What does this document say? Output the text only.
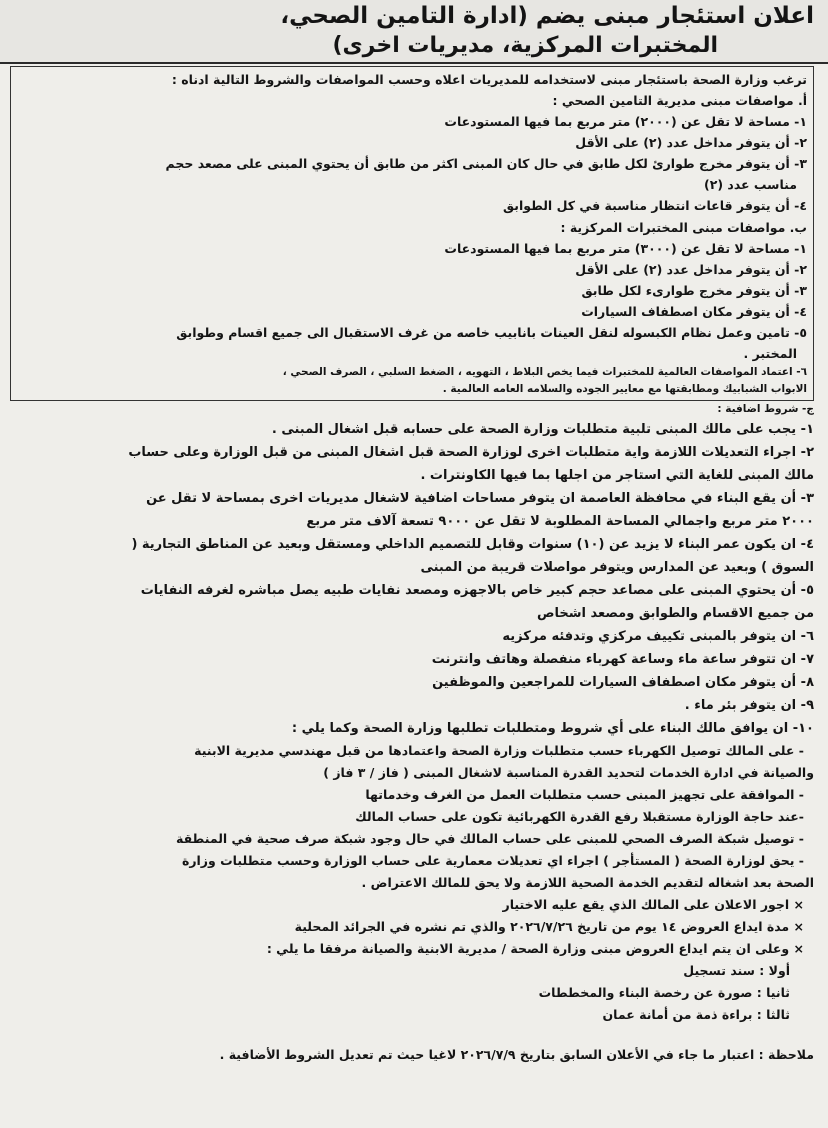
اعلان استئجار مبنى يضم (ادارة التامين الصحي،
المختبرات المركزية، مديريات اخرى)
ترغب وزارة الصحة باستئجار مبنى لاستخدامه للمديريات اعلاه وحسب المواصفات والشروط التالية ادناه :
أ. مواصفات مبنى مديرية التامين الصحي :
١- مساحة لا تقل عن (٢٠٠٠) متر مربع بما فيها المستودعات
٢- أن يتوفر مداخل عدد (٢) على الأقل
٣- أن يتوفر مخرج طوارئ لكل طابق في حال كان المبنى اكثر من طابق أن يحتوي المبنى على مصعد حجم
مناسب عدد (٢)
٤- أن يتوفر قاعات انتظار مناسبة في كل الطوابق
ب. مواصفات مبنى المختبرات المركزية :
١- مساحة لا تقل عن (٣٠٠٠) متر مربع بما فيها المستودعات
٢- أن يتوفر مداخل عدد (٢) على الأقل
٣- أن يتوفر مخرج طوارىء لكل طابق
٤- أن يتوفر مكان اصطفاف السيارات
٥- تامين وعمل نظام الكبسوله لنقل العينات بانابيب خاصه من غرف الاستقبال الى جميع اقسام وطوابق
المختبر .
٦- اعتماد المواصفات العالمية للمختبرات فيما يخص البلاط ، التهويه ، الضغط السلبي ، الصرف الصحي ،
الابواب الشبابيك ومطابقتها مع معايير الجوده والسلامه العامه العالمية .
ج- شروط اضافية :
١- يجب على مالك المبنى تلبية متطلبات وزارة الصحة على حسابه قبل اشغال المبنى .
٢- اجراء التعديلات اللازمة واية متطلبات اخرى لوزارة الصحة قبل اشغال المبنى من قبل الوزارة وعلى حساب
مالك المبنى للغاية التي استاجر من اجلها بما فيها الكاونترات .
٣- أن يقع البناء في محافظة العاصمة ان يتوفر مساحات اضافية لاشغال مديريات اخرى بمساحة لا تقل عن
٢٠٠٠ متر مربع واجمالي المساحة المطلوبة لا تقل عن ٩٠٠٠ تسعة آلاف متر مربع
٤- ان يكون عمر البناء لا يزيد عن (١٠) سنوات وقابل للتصميم الداخلي ومستقل وبعيد عن المناطق التجارية (
السوق ) وبعيد عن المدارس ويتوفر مواصلات قريبة من المبنى
٥- أن يحتوي المبنى على مصاعد حجم كبير خاص بالاجهزه ومصعد نفايات طبيه يصل مباشره لغرفه النفايات
من جميع الاقسام والطوابق ومصعد اشخاص
٦- ان يتوفر بالمبنى تكييف مركزي وتدفئه مركزيه
٧- ان تتوفر ساعة ماء وساعة كهرباء منفصلة وهاتف وانترنت
٨- أن يتوفر مكان اصطفاف السيارات للمراجعين والموظفين
٩- ان يتوفر بئر ماء .
١٠- ان يوافق مالك البناء على أي شروط ومتطلبات تطلبها وزارة الصحة وكما يلي :
- على المالك توصيل الكهرباء حسب متطلبات وزارة الصحة واعتمادها من قبل مهندسي مديرية الابنية
والصيانة في ادارة الخدمات لتحديد القدرة المناسبة لاشغال المبنى ( فاز / ٣ فاز )
- الموافقة على تجهيز المبنى حسب متطلبات العمل من الغرف وخدماتها
-عند حاجة الوزارة مستقبلا رفع القدرة الكهربائية تكون على حساب المالك
- توصيل شبكة الصرف الصحي للمبنى على حساب المالك في حال وجود شبكة صرف صحية في المنطقة
- يحق لوزارة الصحة ( المستأجر ) اجراء اي تعديلات معمارية على حساب الوزارة وحسب متطلبات وزارة
الصحة بعد اشغاله لتقديم الخدمة الصحية اللازمة ولا يحق للمالك الاعتراض .
× اجور الاعلان على المالك الذي يقع عليه الاختيار
× مدة ايداع العروض ١٤ يوم من تاريخ ٢٠٢٦/٧/٢٦ والذي تم نشره في الجرائد المحلية
× وعلى ان يتم ايداع العروض مبنى وزارة الصحة / مديرية الابنية والصيانة مرفقا ما يلي :
أولا : سند تسجيل
ثانيا : صورة عن رخصة البناء والمخططات
ثالثا : براءة ذمة من أمانة عمان
ملاحظة : اعتبار ما جاء في الأعلان السابق بتاريخ ٢٠٢٦/٧/٩ لاغيا حيث تم تعديل الشروط الأضافية .
